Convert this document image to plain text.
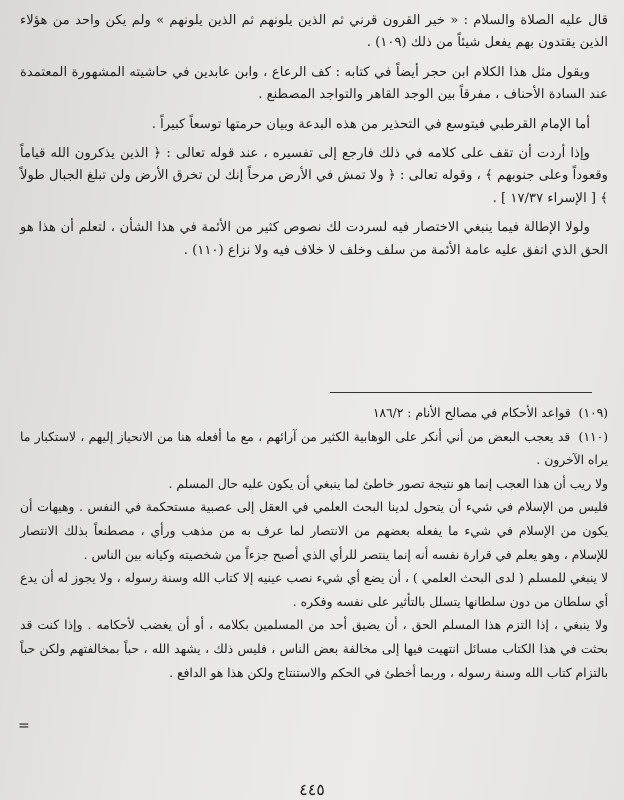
قال عليه الصلاة والسلام : « خير القرون قرني ثم الذين يلونهم ثم الذين يلونهم » ولم يكن واحد من هؤلاء الذين يقتدون بهم يفعل شيئاً من ذلك (١٠٩) .

ويقول مثل هذا الكلام ابن حجر أيضاً في كتابه : كف الرعاع ، وابن عابدين في حاشيته المشهورة المعتمدة عند السادة الأحناف ، مفرقاً بين الوجد القاهر والتواجد المصطنع .

أما الإمام القرطبي فيتوسع في التحذير من هذه البدعة وبيان حرمتها توسعاً كبيراً .

وإذا أردت أن تقف على كلامه في ذلك فارجع إلى تفسيره ، عند قوله تعالى : ﴿ الذين يذكرون الله قياماً وقعوداً وعلى جنوبهم ﴾ ، وقوله تعالى : ﴿ ولا تمش في الأرض مرحاً إنك لن تخرق الأرض ولن تبلغ الجبال طولاً ﴾ [ الإسراء ١٧/٣٧ ] .

ولولا الإطالة فيما ينبغي الاختصار فيه لسردت لك نصوص كثير من الأئمة في هذا الشأن ، لتعلم أن هذا هو الحق الذي اتفق عليه عامة الأئمة من سلف وخلف لا خلاف فيه ولا نزاع (١١٠) .

(١٠٩) قواعد الأحكام في مصالح الأنام : ١٨٦/٢

(١١٠) قد يعجب البعض من أني أنكر على الوهابية الكثير من آرائهم ، مع ما أفعله هنا من الانحياز إليهم ، لاستكبار ما يراه الآخرون .

ولا ريب أن هذا العجب إنما هو نتيجة تصور خاطئ لما ينبغي أن يكون عليه حال المسلم .

فليس من الإسلام في شيء أن يتحول لدينا البحث العلمي في العقل إلى عصبية مستحكمة في النفس . وهيهات أن يكون من الإسلام في شيء ما يفعله بعضهم من الانتصار لما عرف به من مذهب ورأي ، مصطنعاً بذلك الانتصار للإسلام ، وهو يعلم في قرارة نفسه أنه إنما ينتصر للرأي الذي أصبح جزءاً من شخصيته وكيانه بين الناس .

لا ينبغي للمسلم ( لدى البحث العلمي ) ، أن يضع أي شيء نصب عينيه إلا كتاب الله وسنة رسوله ، ولا يجوز له أن يدع أي سلطان من دون سلطانها يتسلل بالتأثير على نفسه وفكره .

ولا ينبغي ، إذا التزم هذا المسلم الحق ، أن يضيق أحد من المسلمين بكلامه ، أو أن يغضب لأحكامه . وإذا كنت قد بحثت في هذا الكتاب مسائل انتهيت فيها إلى مخالفة بعض الناس ، فليس ذلك ، يشهد الله ، حباً بمخالفتهم ولكن حباً بالتزام كتاب الله وسنة رسوله ، وربما أخطئ في الحكم والاستنتاج ولكن هذا هو الدافع .

=
٤٤٥
